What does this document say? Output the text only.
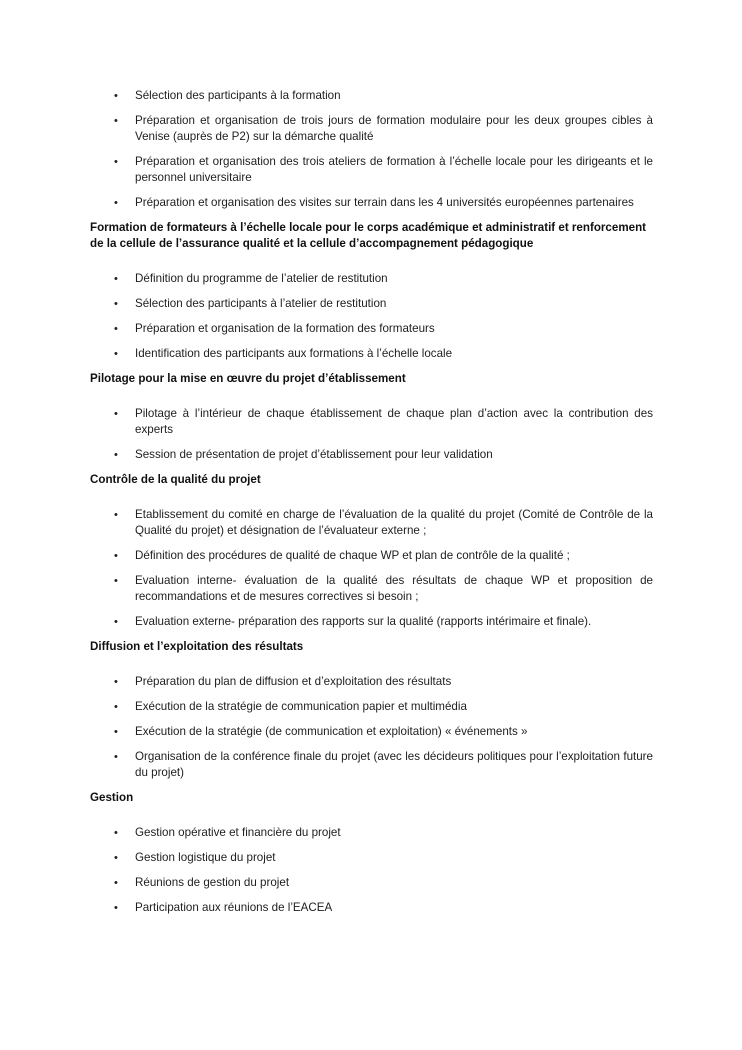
• Sélection des participants à la formation
• Préparation et organisation de trois jours de formation modulaire pour les deux groupes cibles à Venise (auprès de P2) sur la démarche qualité
• Préparation et organisation des trois ateliers de formation à l’échelle locale pour les dirigeants et le personnel universitaire
• Préparation et organisation des visites sur terrain dans les 4 universités européennes partenaires
Formation de formateurs à l’échelle locale pour le corps académique et administratif et renforcement de la cellule de l’assurance qualité et la cellule d’accompagnement pédagogique
• Définition du programme de l’atelier de restitution
• Sélection des participants à l’atelier de restitution
• Préparation et organisation de la formation des formateurs
• Identification des participants aux formations à l’échelle locale
Pilotage pour la mise en œuvre du projet d’établissement
• Pilotage à l’intérieur de chaque établissement de chaque plan d’action avec la contribution des experts
• Session de présentation de projet d’établissement pour leur validation
Contrôle de la qualité du projet
• Etablissement du comité en charge de l’évaluation de la qualité du projet (Comité de Contrôle de la Qualité du projet) et désignation de l’évaluateur externe ;
• Définition des procédures de qualité de chaque WP et plan de contrôle de la qualité ;
• Evaluation interne- évaluation de la qualité des résultats de chaque WP et proposition de recommandations et de mesures correctives si besoin ;
• Evaluation externe- préparation des rapports sur la qualité (rapports intérimaire et finale).
Diffusion et l’exploitation des résultats
• Préparation du plan de diffusion et d’exploitation des résultats
• Exécution de la stratégie de communication papier et multimédia
• Exécution de la stratégie (de communication et exploitation) « événements »
• Organisation de la conférence finale du projet (avec les décideurs politiques pour l’exploitation future du projet)
Gestion
• Gestion opérative et financière du projet
• Gestion logistique du projet
• Réunions de gestion du projet
• Participation aux réunions de l’EACEA
